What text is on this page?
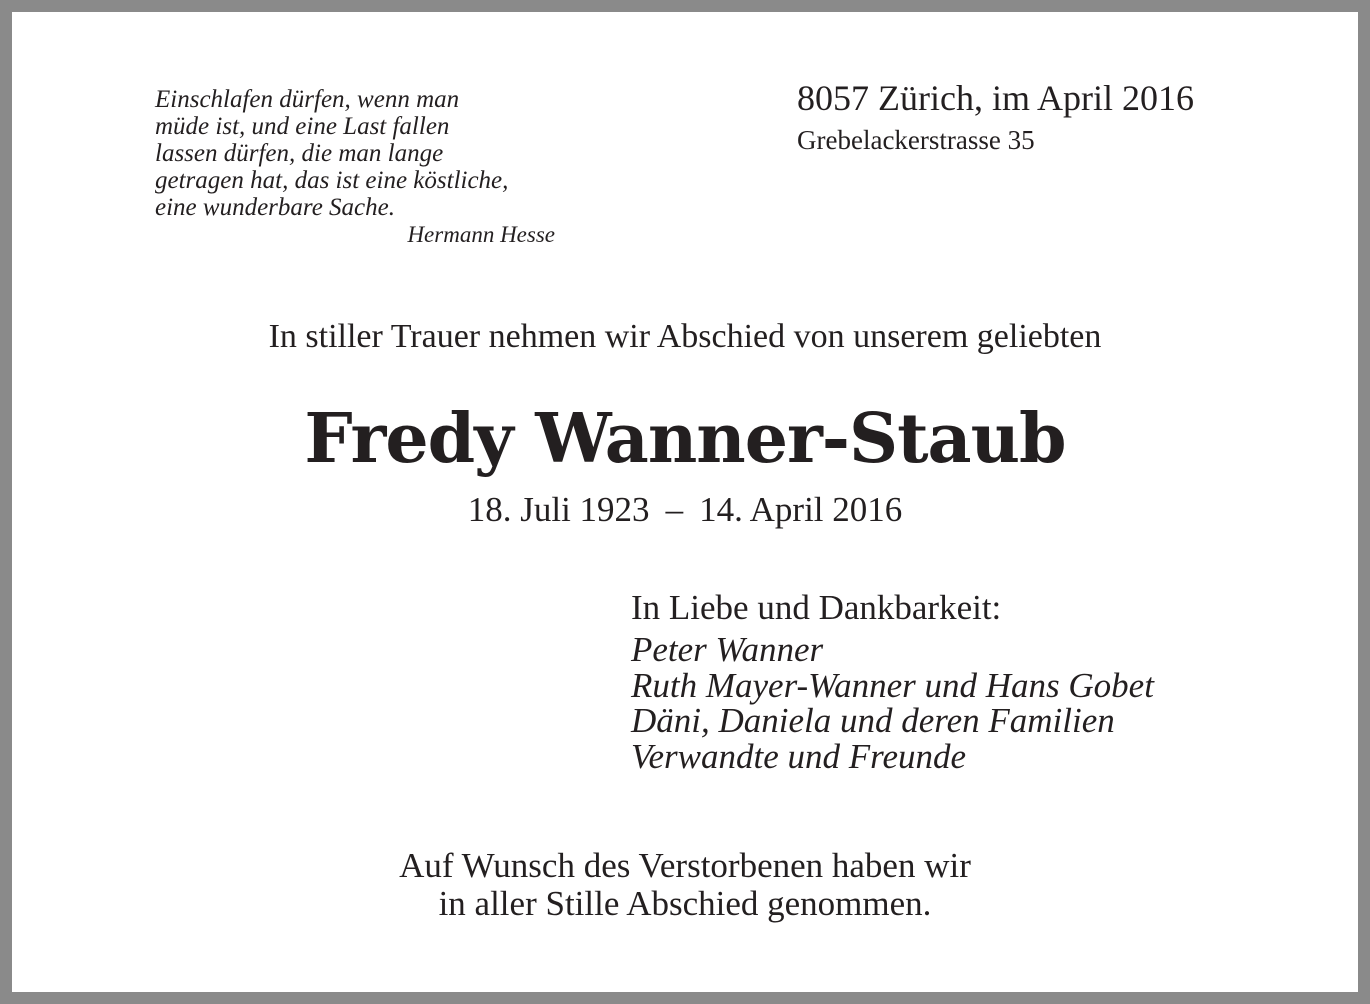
Einschlafen dürfen, wenn man
müde ist, und eine Last fallen
lassen dürfen, die man lange
getragen hat, das ist eine köstliche,
eine wunderbare Sache.
Hermann Hesse
8057 Zürich, im April 2016
Grebelackerstrasse 35
In stiller Trauer nehmen wir Abschied von unserem geliebten
Fredy Wanner-Staub
18. Juli 1923 – 14. April 2016
In Liebe und Dankbarkeit:
Peter Wanner
Ruth Mayer-Wanner und Hans Gobet
Däni, Daniela und deren Familien
Verwandte und Freunde
Auf Wunsch des Verstorbenen haben wir
in aller Stille Abschied genommen.
